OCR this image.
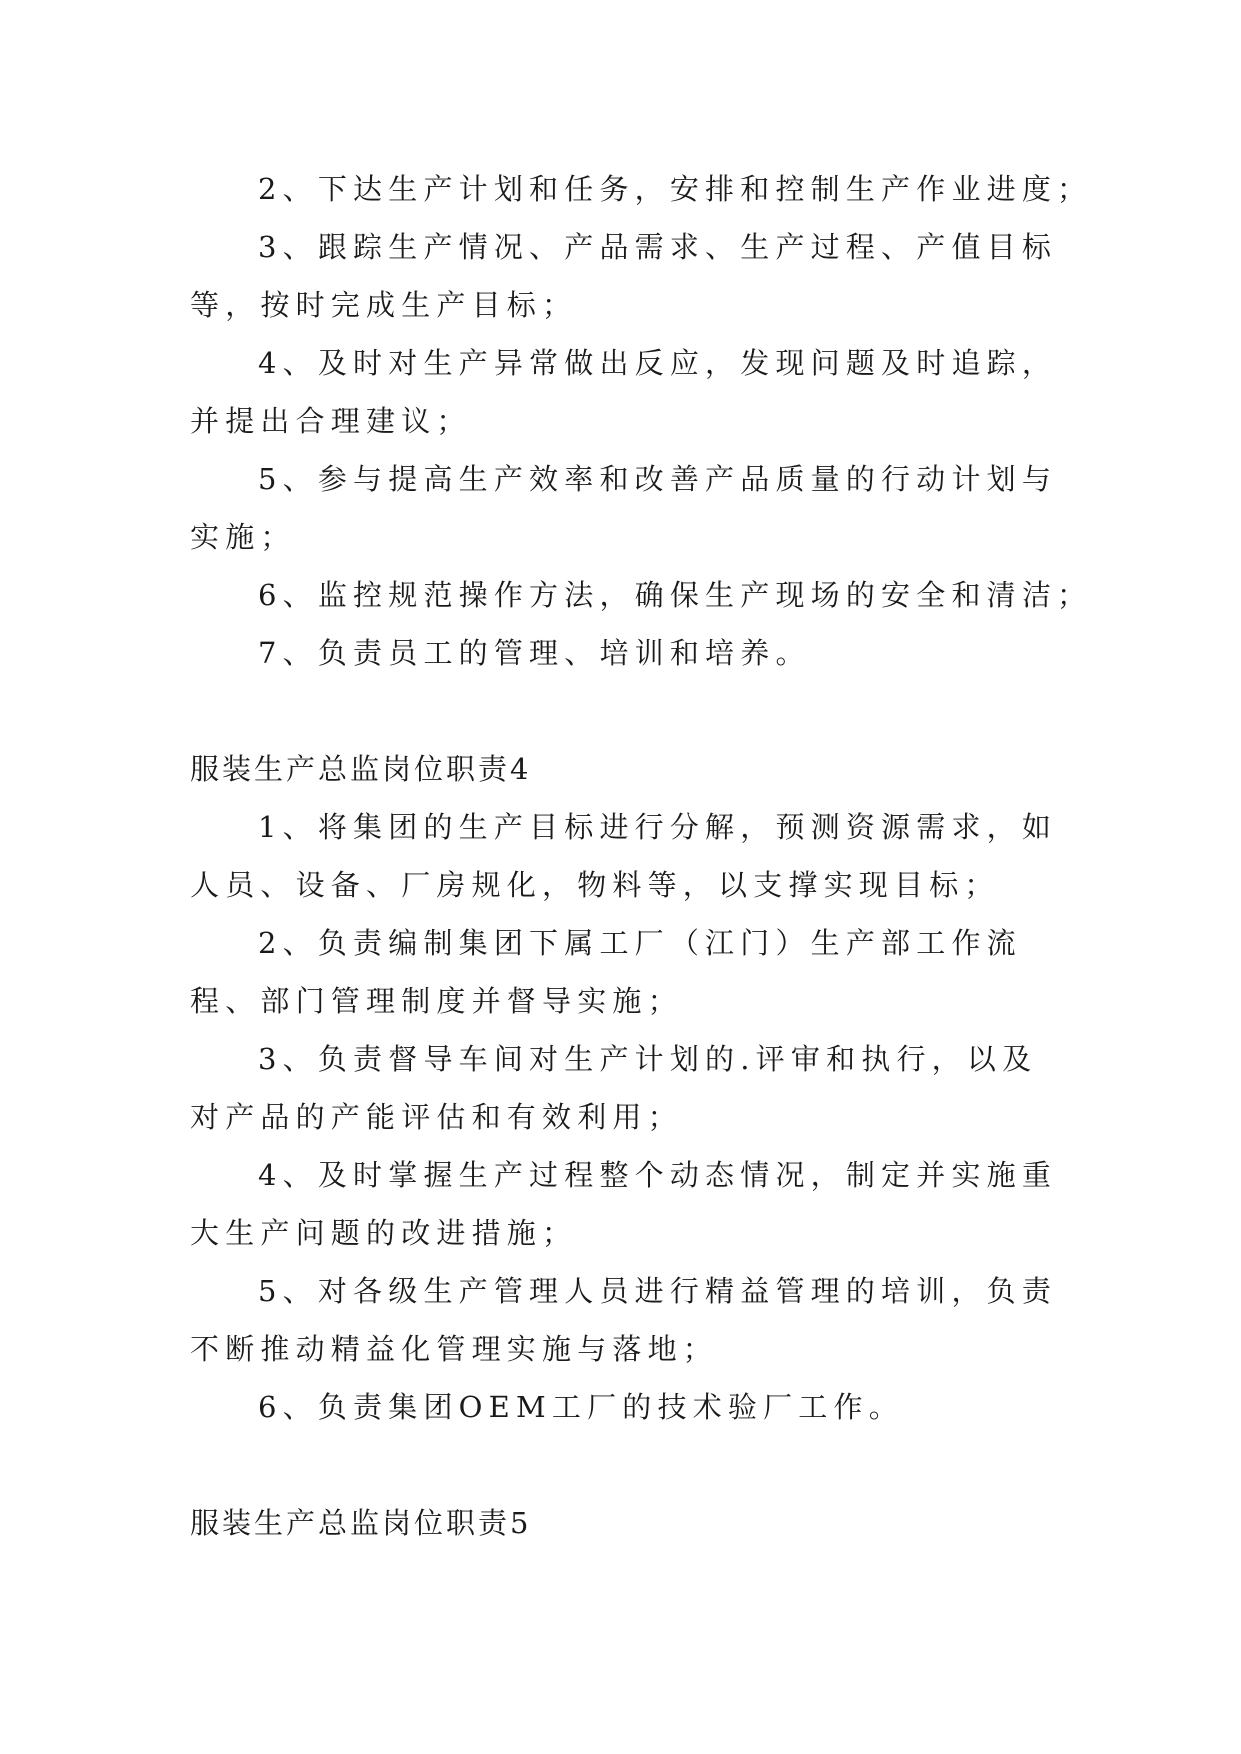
2、下达生产计划和任务，安排和控制生产作业进度；

3、跟踪生产情况、产品需求、生产过程、产值目标等，按时完成生产目标；

4、及时对生产异常做出反应，发现问题及时追踪，并提出合理建议；

5、参与提高生产效率和改善产品质量的行动计划与实施；

6、监控规范操作方法，确保生产现场的安全和清洁；

7、负责员工的管理、培训和培养。

服装生产总监岗位职责4

1、将集团的生产目标进行分解，预测资源需求，如人员、设备、厂房规化，物料等，以支撑实现目标；

2、负责编制集团下属工厂（江门）生产部工作流程、部门管理制度并督导实施；

3、负责督导车间对生产计划的.评审和执行，以及对产品的产能评估和有效利用；

4、及时掌握生产过程整个动态情况，制定并实施重大生产问题的改进措施；

5、对各级生产管理人员进行精益管理的培训，负责不断推动精益化管理实施与落地；

6、负责集团OEM工厂的技术验厂工作。

服装生产总监岗位职责5
